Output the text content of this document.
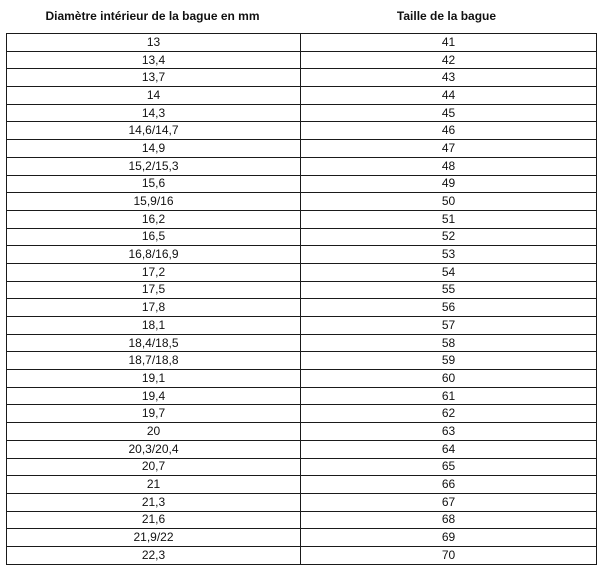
Diamètre intérieur de la bague en mm	Taille de la bague
13	41
13,4	42
13,7	43
14	44
14,3	45
14,6/14,7	46
14,9	47
15,2/15,3	48
15,6	49
15,9/16	50
16,2	51
16,5	52
16,8/16,9	53
17,2	54
17,5	55
17,8	56
18,1	57
18,4/18,5	58
18,7/18,8	59
19,1	60
19,4	61
19,7	62
20	63
20,3/20,4	64
20,7	65
21	66
21,3	67
21,6	68
21,9/22	69
22,3	70
